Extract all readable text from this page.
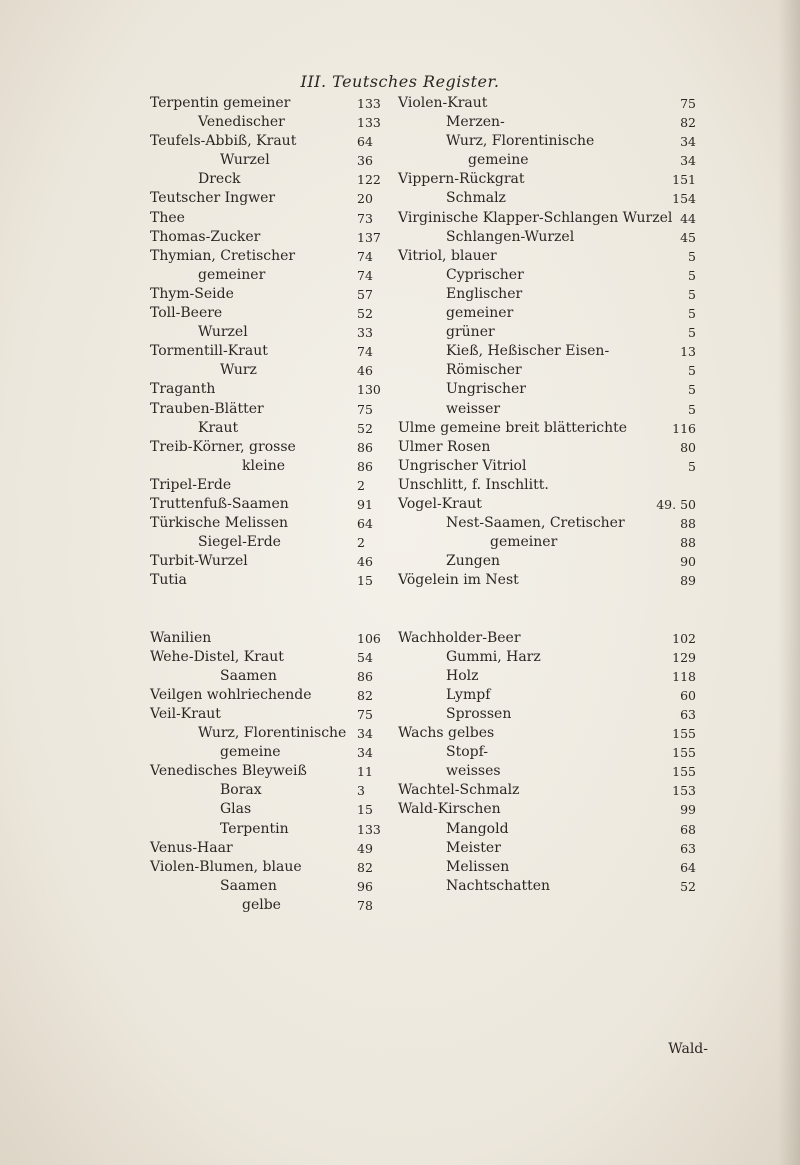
III. Teutsches Register.
Terpentin gemeiner
Venedischer
Teufels-Abbiß, Kraut
Wurzel
Dreck
Teutscher Ingwer
Thee
Thomas-Zucker
Thymian, Cretischer
gemeiner
Thym-Seide
Toll-Beere
Wurzel
Tormentill-Kraut
Wurz
Traganth
Trauben-Blätter
Kraut
Treib-Körner, grosse
kleine
Tripel-Erde
Truttenfuß-Saamen
Türkische Melissen
Siegel-Erde
Turbit-Wurzel
Tutia
Wanilien
Wehe-Distel, Kraut
Saamen
Veilgen wohlriechende
Veil-Kraut
Wurz, Florentinische
gemeine
Venedisches Bleyweiß
Borax
Glas
Terpentin
Venus-Haar
Violen-Blumen, blaue
Saamen
gelbe
133
133
64
36
122
20
73
137
74
74
57
52
33
74
46
130
75
52
86
86
2
91
64
2
46
15
106
54
86
82
75
34
34
11
3
15
133
49
82
96
78
Violen-Kraut
Merzen-
Wurz, Florentinische
gemeine
Vippern-Rückgrat
Schmalz
Virginische Klapper-Schlangen Wurzel
Schlangen-Wurzel
Vitriol, blauer
Cyprischer
Englischer
gemeiner
grüner
Kieß, Heßischer Eisen-
Römischer
Ungrischer
weisser
Ulme gemeine breit blätterichte
Ulmer Rosen
Ungrischer Vitriol
Unschlitt, f. Inschlitt.
Vogel-Kraut
Nest-Saamen, Cretischer
gemeiner
Zungen
Vögelein im Nest
Wachholder-Beer
Gummi, Harz
Holz
Lympf
Sprossen
Wachs gelbes
Stopf-
weisses
Wachtel-Schmalz
Wald-Kirschen
Mangold
Meister
Melissen
Nachtschatten
75
82
34
34
151
154
44
45
5
5
5
5
5
13
5
5
5
116
80
5
49. 50
88
88
90
89
102
129
118
60
63
155
155
155
153
99
68
63
64
52
Wald-
